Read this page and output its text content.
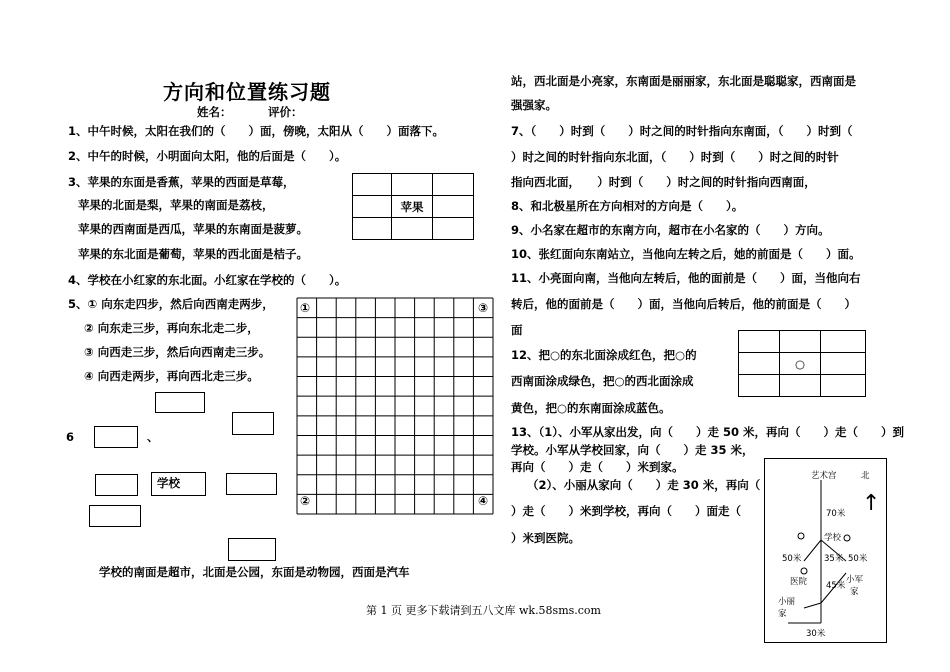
方向和位置练习题
姓名：	评价：
1、中午时候，太阳在我们的（　　）面，傍晚，太阳从（　　）面落下。
2、中午的时候，小明面向太阳，他的后面是（　　）。
3、苹果的东面是香蕉，苹果的西面是草莓，
苹果的北面是梨，苹果的南面是荔枝，
苹果的西南面是西瓜，苹果的东南面是菠萝。
苹果的东北面是葡萄，苹果的西北面是桔子。

	苹果	

4、学校在小红家的东北面。小红家在学校的（　　）。
5、① 向东走四步，然后向西南走两步，
② 向东走三步，再向东北走二步，
③ 向西走三步，然后向西南走三步。
④ 向西走两步，再向西北走三步。
①	③
②	④
6	、
学校
学校的南面是超市，北面是公园，东面是动物园，西面是汽车
站，西北面是小亮家，东南面是丽丽家，东北面是聪聪家，西南面是
强强家。
7、（　　）时到（　　）时之间的时针指向东南面，（　　）时到（
）时之间的时针指向东北面，（　　）时到（　　）时之间的时针
指向西北面，　　）时到（　　）时之间的时针指向西南面，
8、和北极星所在方向相对的方向是（　　）。
9、小名家在超市的东南方向，超市在小名家的（　　）方向。
10、张红面向东南站立，当他向左转之后，她的前面是（　　）面。
11、小亮面向南，当他向左转后，他的面前是（　　）面，当他向右
转后，他的面前是（　　）面，当他向后转后，他的前面是（　　）
面
12、把○的东北面涂成红色，把○的
西南面涂成绿色，把○的西北面涂成
黄色，把○的东南面涂成蓝色。

	○	

13、（1）、小军从家出发，向（　　）走 50 米，再向（　　）走（　　）到
学校。小军从学校回家，向（　　）走 35 米，
再向（　　）走（　　）米到家。
（2）、小丽从家向（　　）走 30 米，再向（
）走（　　）米到学校，再向（　　）面走（
）米到医院。
艺术宫	北
↑
70米
学校
50米	35米 50米
医院 45米
小军
家
小丽
家
30米
第 1 页 更多下载请到五八文库 wk.58sms.com
